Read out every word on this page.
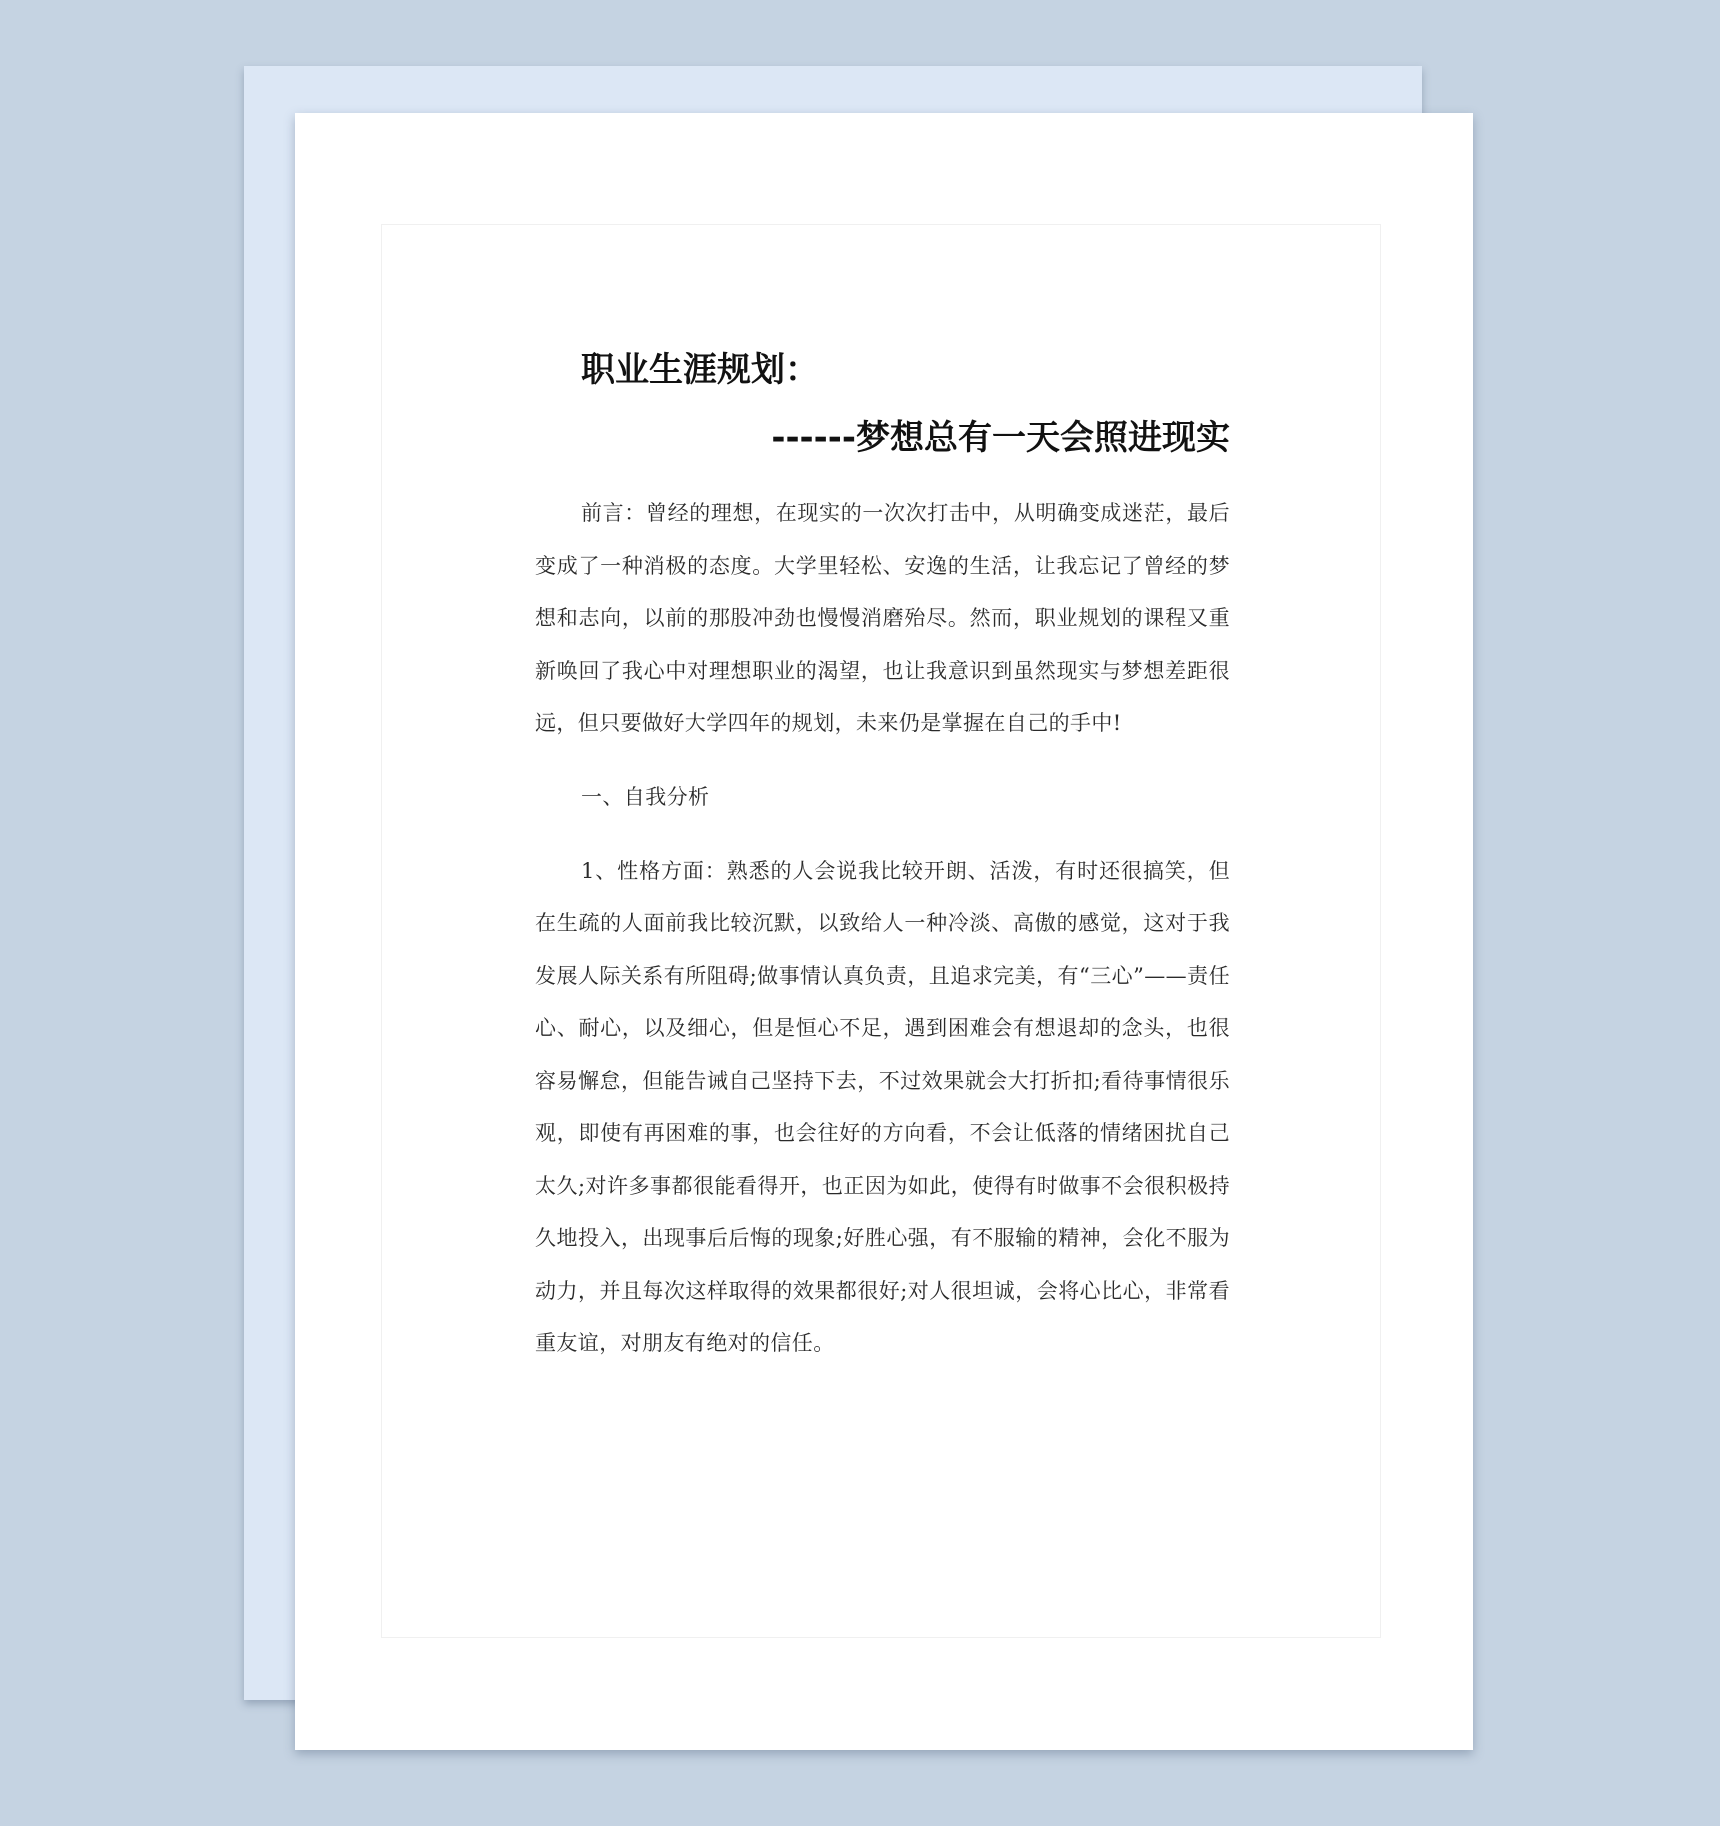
职业生涯规划：
------梦想总有一天会照进现实

前言：曾经的理想，在现实的一次次打击中，从明确变成迷茫，最后变成了一种消极的态度。大学里轻松、安逸的生活，让我忘记了曾经的梦想和志向，以前的那股冲劲也慢慢消磨殆尽。然而，职业规划的课程又重新唤回了我心中对理想职业的渴望，也让我意识到虽然现实与梦想差距很远，但只要做好大学四年的规划，未来仍是掌握在自己的手中!

一、自我分析

1、性格方面：熟悉的人会说我比较开朗、活泼，有时还很搞笑，但在生疏的人面前我比较沉默，以致给人一种冷淡、高傲的感觉，这对于我发展人际关系有所阻碍;做事情认真负责，且追求完美，有“三心”——责任心、耐心，以及细心，但是恒心不足，遇到困难会有想退却的念头，也很容易懈怠，但能告诫自己坚持下去，不过效果就会大打折扣;看待事情很乐观，即使有再困难的事，也会往好的方向看，不会让低落的情绪困扰自己太久;对许多事都很能看得开，也正因为如此，使得有时做事不会很积极持久地投入，出现事后后悔的现象;好胜心强，有不服输的精神，会化不服为动力，并且每次这样取得的效果都很好;对人很坦诚，会将心比心，非常看重友谊，对朋友有绝对的信任。
